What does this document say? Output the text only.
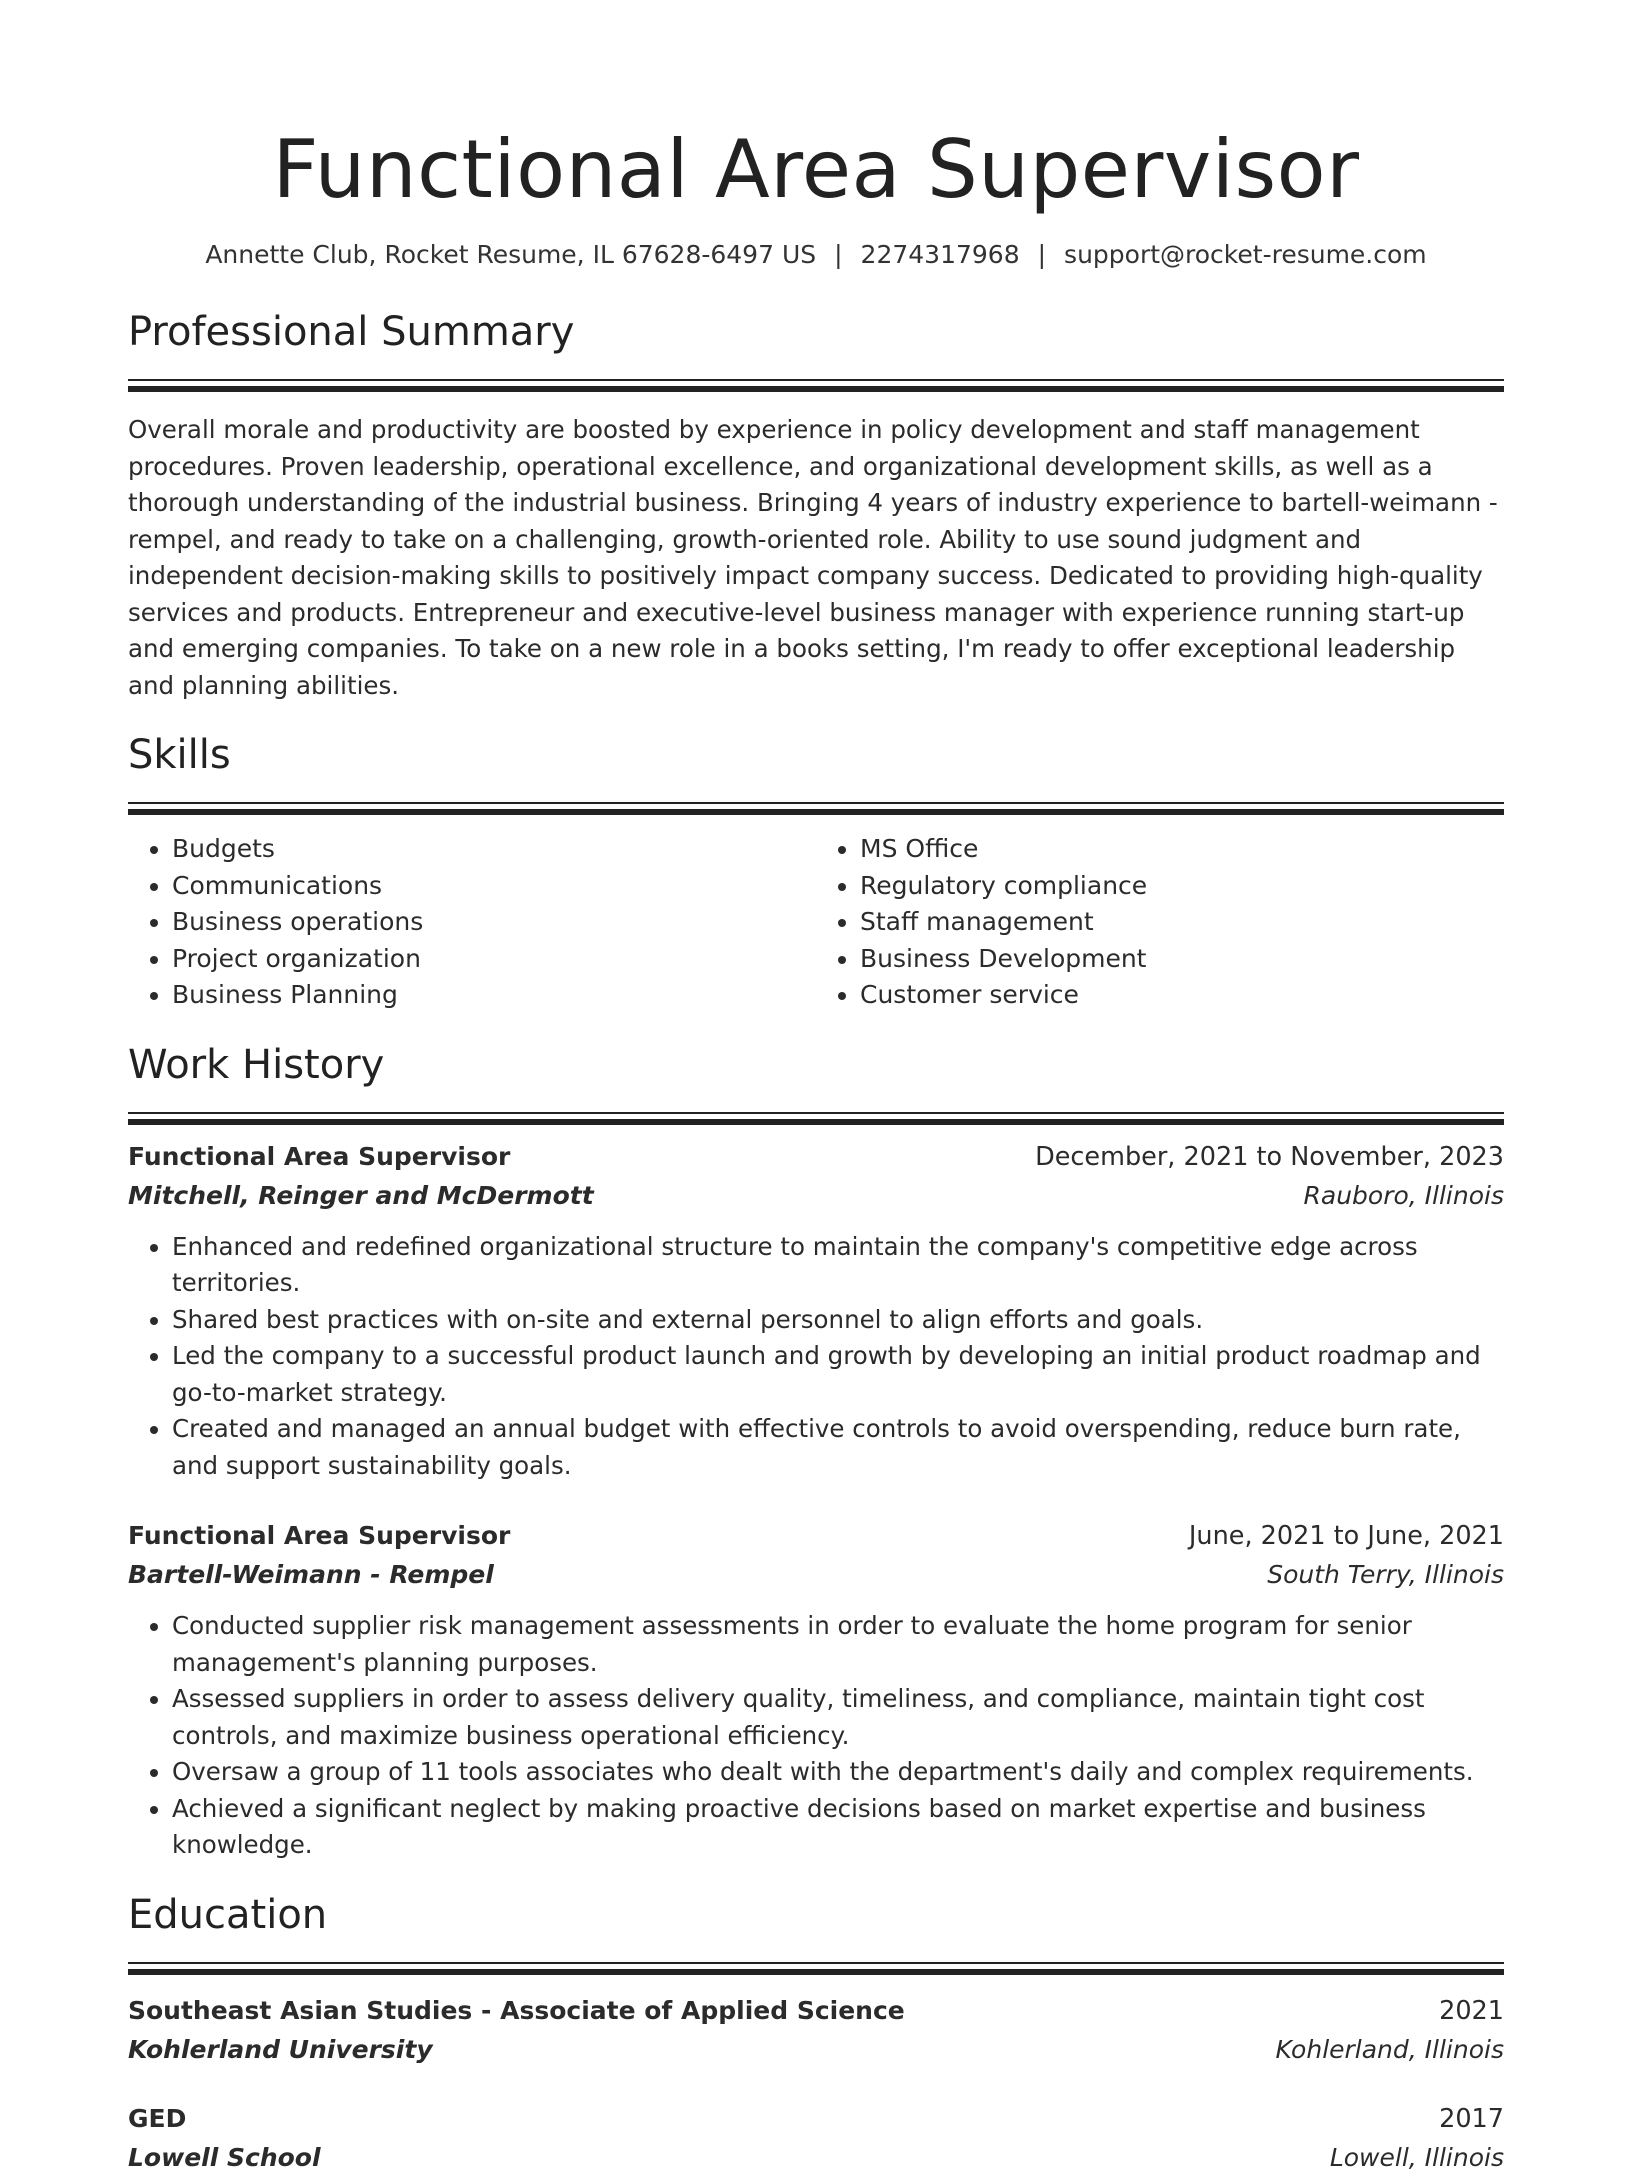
Functional Area Supervisor
Annette Club, Rocket Resume, IL 67628-6497 US | 2274317968 | support@rocket-resume.com
Professional Summary

Overall morale and productivity are boosted by experience in policy development and staff management procedures. Proven leadership, operational excellence, and organizational development skills, as well as a thorough understanding of the industrial business. Bringing 4 years of industry experience to bartell-weimann - rempel, and ready to take on a challenging, growth-oriented role. Ability to use sound judgment and independent decision-making skills to positively impact company success. Dedicated to providing high-quality services and products. Entrepreneur and executive-level business manager with experience running start-up and emerging companies. To take on a new role in a books setting, I'm ready to offer exceptional leadership and planning abilities.

Skills
• Budgets
• Communications
• Business operations
• Project organization
• Business Planning
• MS Office
• Regulatory compliance
• Staff management
• Business Development
• Customer service
Work History
Functional Area Supervisor	December, 2021 to November, 2023
Mitchell, Reinger and McDermott	Rauboro, Illinois
• Enhanced and redefined organizational structure to maintain the company's competitive edge across territories.
• Shared best practices with on-site and external personnel to align efforts and goals.
• Led the company to a successful product launch and growth by developing an initial product roadmap and go-to-market strategy.
• Created and managed an annual budget with effective controls to avoid overspending, reduce burn rate, and support sustainability goals.
Functional Area Supervisor	June, 2021 to June, 2021
Bartell-Weimann - Rempel	South Terry, Illinois
• Conducted supplier risk management assessments in order to evaluate the home program for senior management's planning purposes.
• Assessed suppliers in order to assess delivery quality, timeliness, and compliance, maintain tight cost controls, and maximize business operational efficiency.
• Oversaw a group of 11 tools associates who dealt with the department's daily and complex requirements.
• Achieved a significant neglect by making proactive decisions based on market expertise and business knowledge.
Education
Southeast Asian Studies - Associate of Applied Science	2021
Kohlerland University	Kohlerland, Illinois
GED	2017
Lowell School	Lowell, Illinois
